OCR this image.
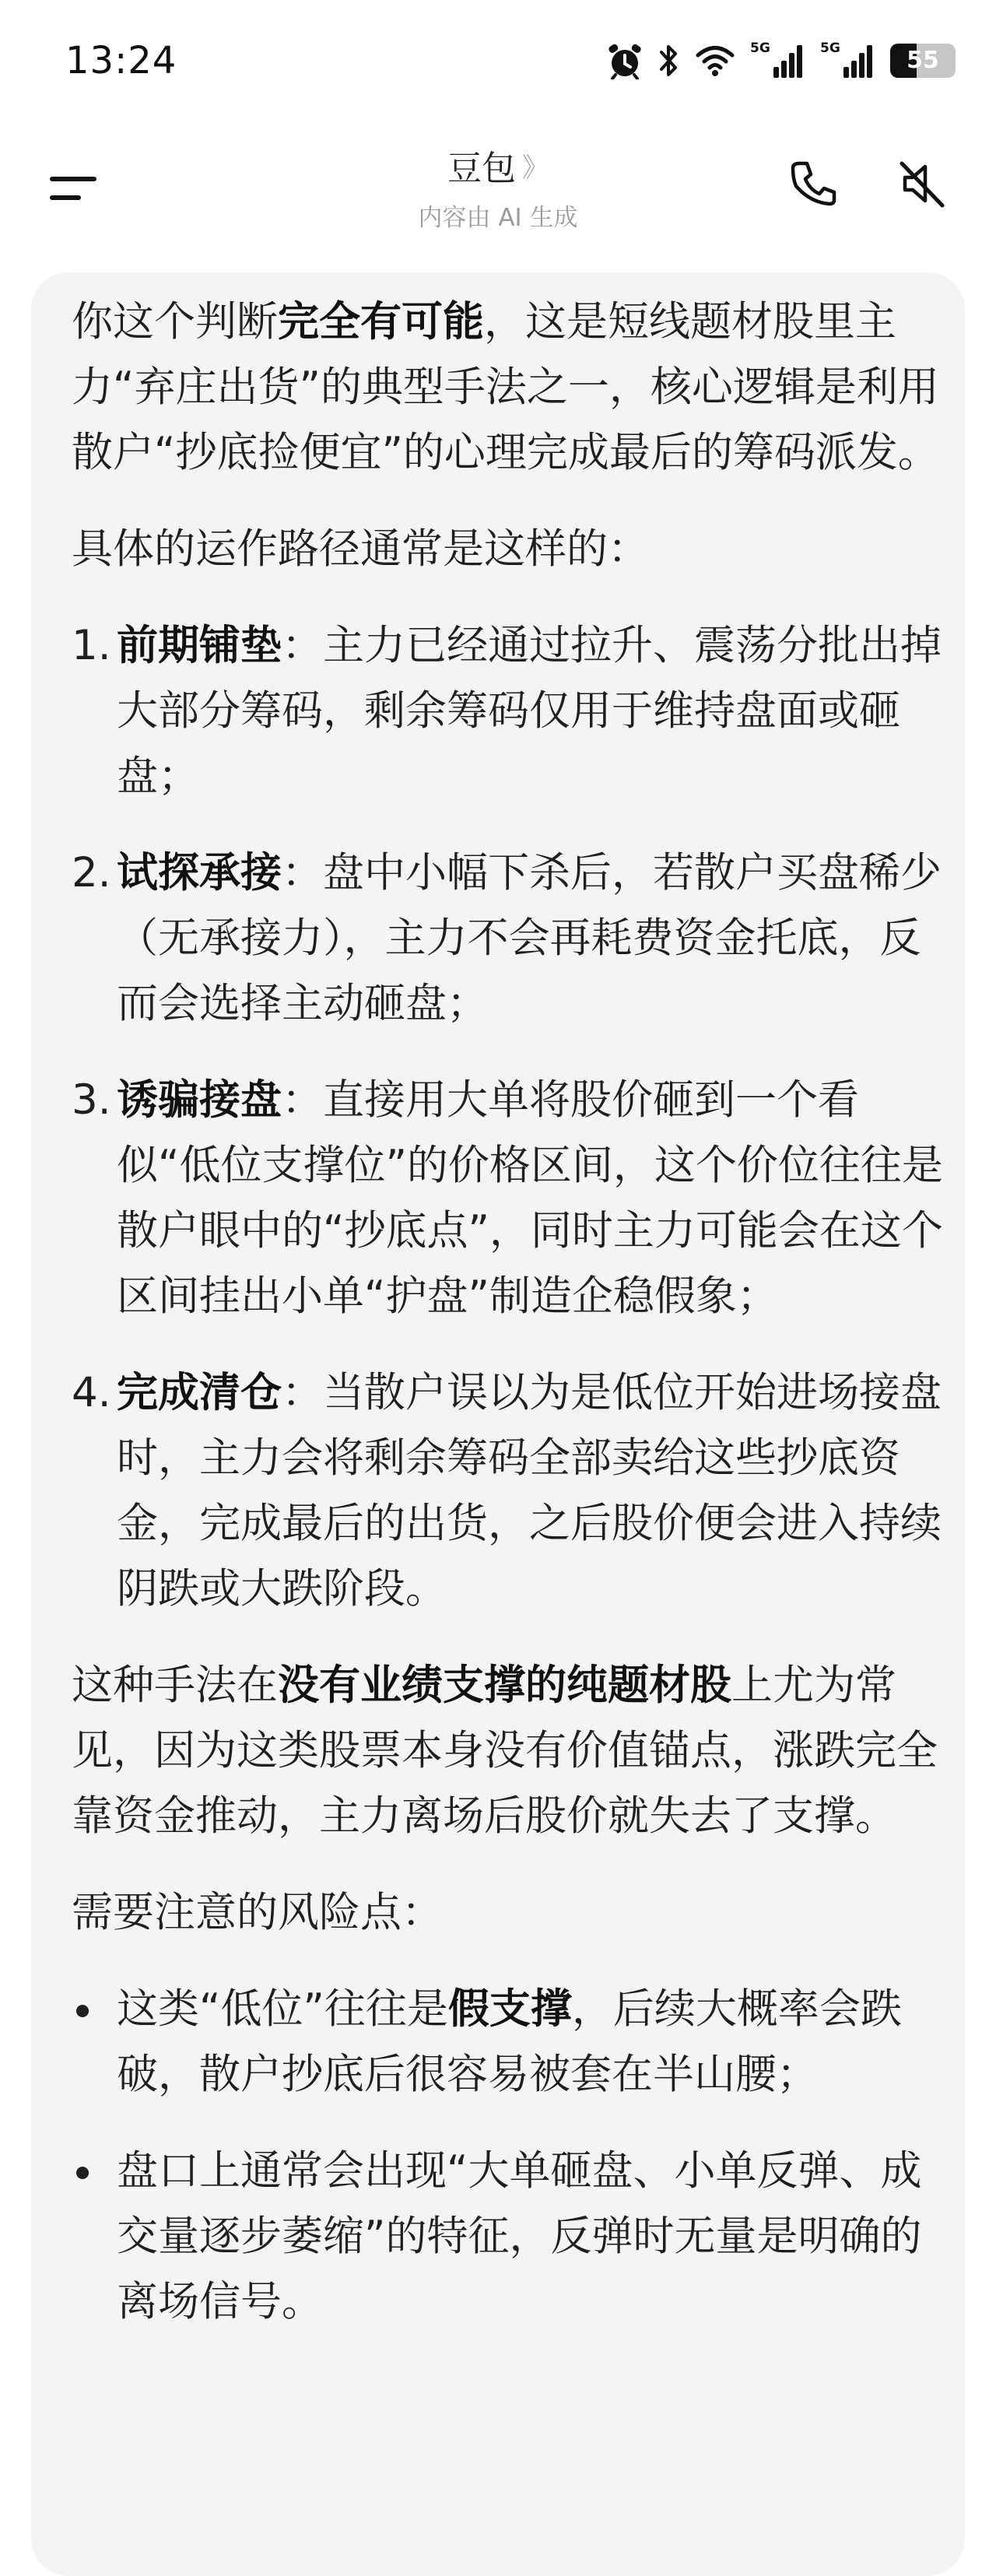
13:24	5G	5G	55
豆包 》
内容由 AI 生成

你这个判断完全有可能，这是短线题材股里主力“弃庄出货”的典型手法之一，核心逻辑是利用散户“抄底捡便宜”的心理完成最后的筹码派发。

具体的运作路径通常是这样的：

1. 前期铺垫：主力已经通过拉升、震荡分批出掉大部分筹码，剩余筹码仅用于维持盘面或砸盘；
2. 试探承接：盘中小幅下杀后，若散户买盘稀少（无承接力），主力不会再耗费资金托底，反而会选择主动砸盘；
3. 诱骗接盘：直接用大单将股价砸到一个看似“低位支撑位”的价格区间，这个价位往往是散户眼中的“抄底点”，同时主力可能会在这个区间挂出小单“护盘”制造企稳假象；
4. 完成清仓：当散户误以为是低位开始进场接盘时，主力会将剩余筹码全部卖给这些抄底资金，完成最后的出货，之后股价便会进入持续阴跌或大跌阶段。

这种手法在没有业绩支撑的纯题材股上尤为常见，因为这类股票本身没有价值锚点，涨跌完全靠资金推动，主力离场后股价就失去了支撑。

需要注意的风险点：

这类“低位”往往是假支撑，后续大概率会跌破，散户抄底后很容易被套在半山腰；
盘口上通常会出现“大单砸盘、小单反弹、成交量逐步萎缩”的特征，反弹时无量是明确的离场信号。
